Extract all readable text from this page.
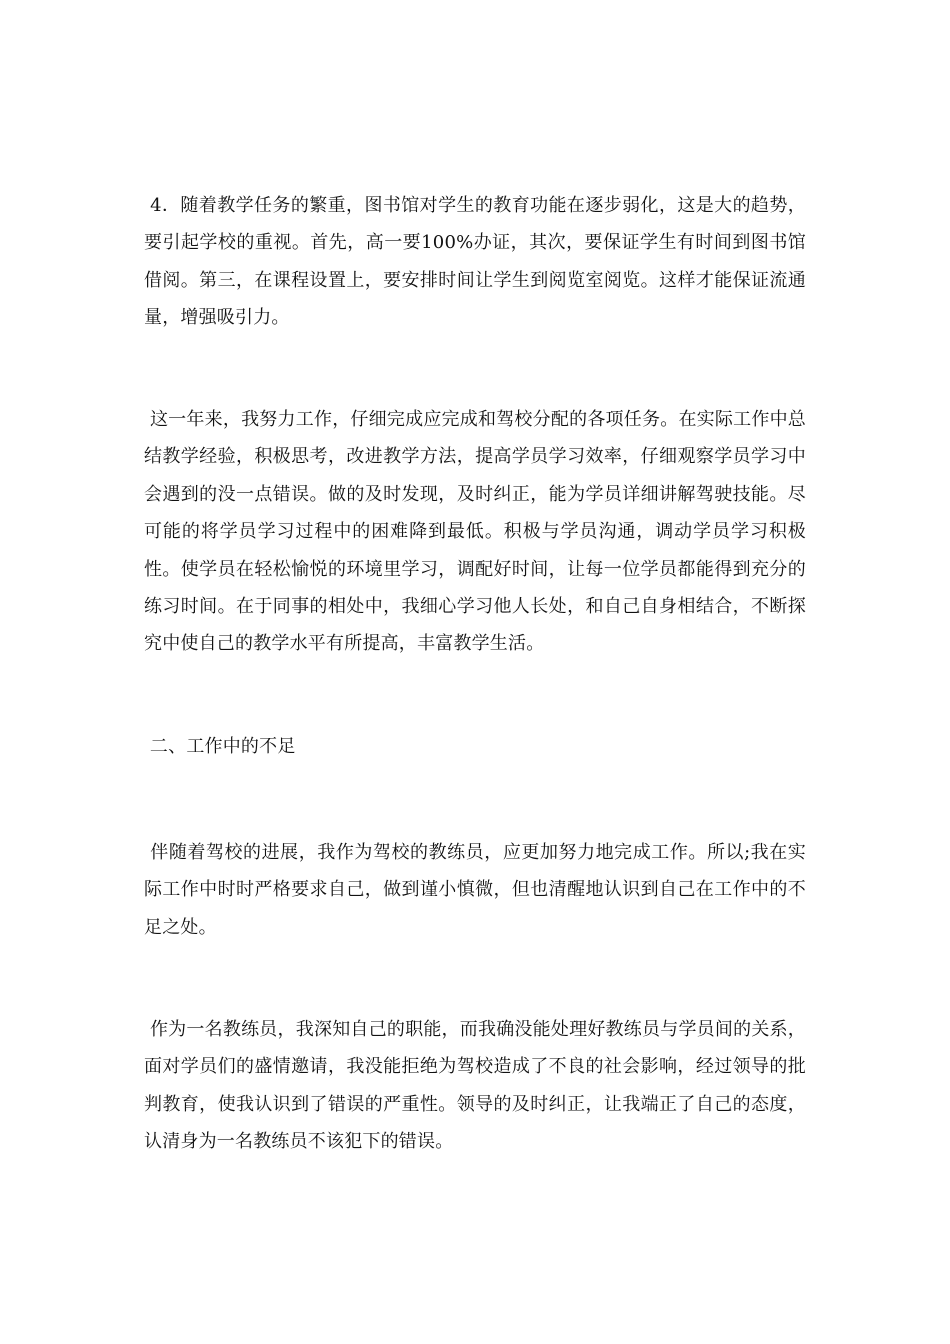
4．随着教学任务的繁重，图书馆对学生的教育功能在逐步弱化，这是大的趋势，要引起学校的重视。首先，高一要100%办证，其次，要保证学生有时间到图书馆借阅。第三，在课程设置上，要安排时间让学生到阅览室阅览。这样才能保证流通量，增强吸引力。

这一年来，我努力工作，仔细完成应完成和驾校分配的各项任务。在实际工作中总结教学经验，积极思考，改进教学方法，提高学员学习效率，仔细观察学员学习中会遇到的没一点错误。做的及时发现，及时纠正，能为学员详细讲解驾驶技能。尽可能的将学员学习过程中的困难降到最低。积极与学员沟通，调动学员学习积极性。使学员在轻松愉悦的环境里学习，调配好时间，让每一位学员都能得到充分的练习时间。在于同事的相处中，我细心学习他人长处，和自己自身相结合，不断探究中使自己的教学水平有所提高，丰富教学生活。

二、工作中的不足

伴随着驾校的进展，我作为驾校的教练员，应更加努力地完成工作。所以;我在实际工作中时时严格要求自己，做到谨小慎微，但也清醒地认识到自己在工作中的不足之处。

作为一名教练员，我深知自己的职能，而我确没能处理好教练员与学员间的关系，面对学员们的盛情邀请，我没能拒绝为驾校造成了不良的社会影响，经过领导的批判教育，使我认识到了错误的严重性。领导的及时纠正，让我端正了自己的态度，认清身为一名教练员不该犯下的错误。
